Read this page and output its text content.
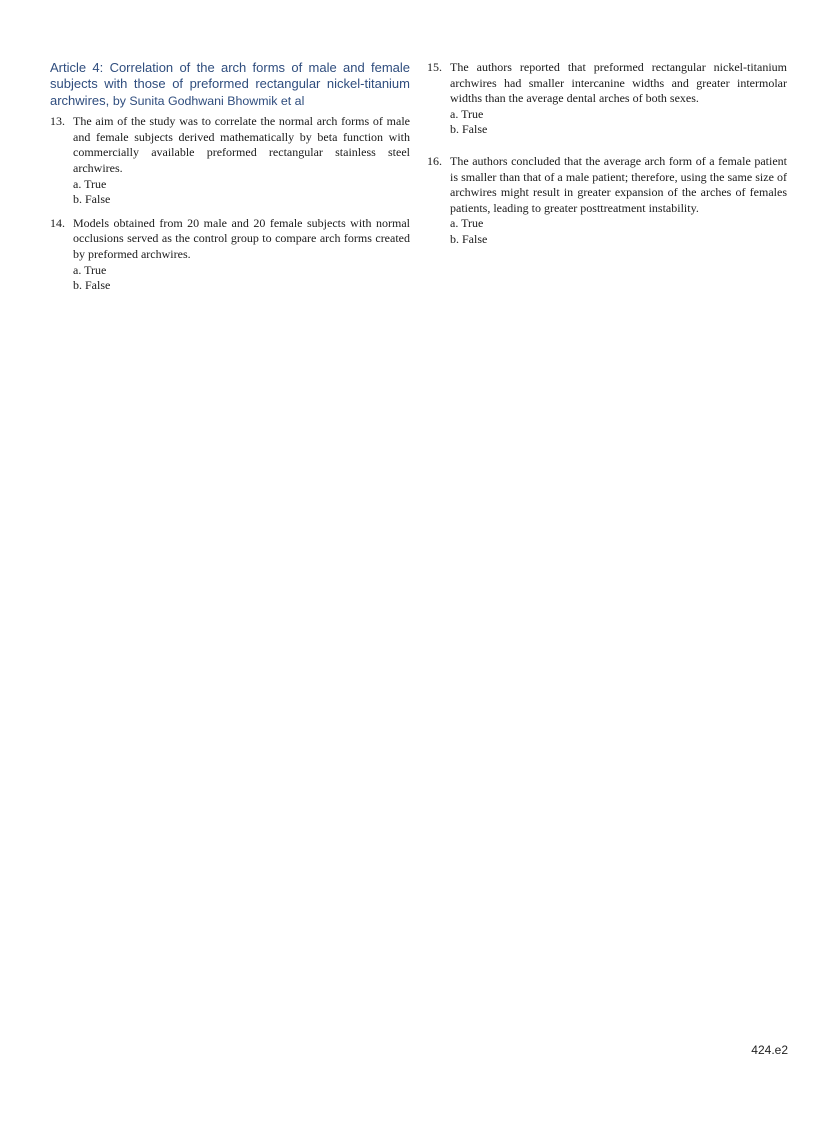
Article 4: Correlation of the arch forms of male and female subjects with those of preformed rectangular nickel-titanium archwires, by Sunita Godhwani Bhowmik et al

13. The aim of the study was to correlate the normal arch forms of male and female subjects derived mathematically by beta function with commercially available preformed rectangular stainless steel archwires.

a. True
b. False
14. Models obtained from 20 male and 20 female subjects with normal occlusions served as the control group to compare arch forms created by preformed archwires.

a. True
b. False
15. The authors reported that preformed rectangular nickel-titanium archwires had smaller intercanine widths and greater intermolar widths than the average dental arches of both sexes.

a. True
b. False
16. The authors concluded that the average arch form of a female patient is smaller than that of a male patient; therefore, using the same size of archwires might result in greater expansion of the arches of females patients, leading to greater posttreatment instability.

a. True
b. False
424.e2
